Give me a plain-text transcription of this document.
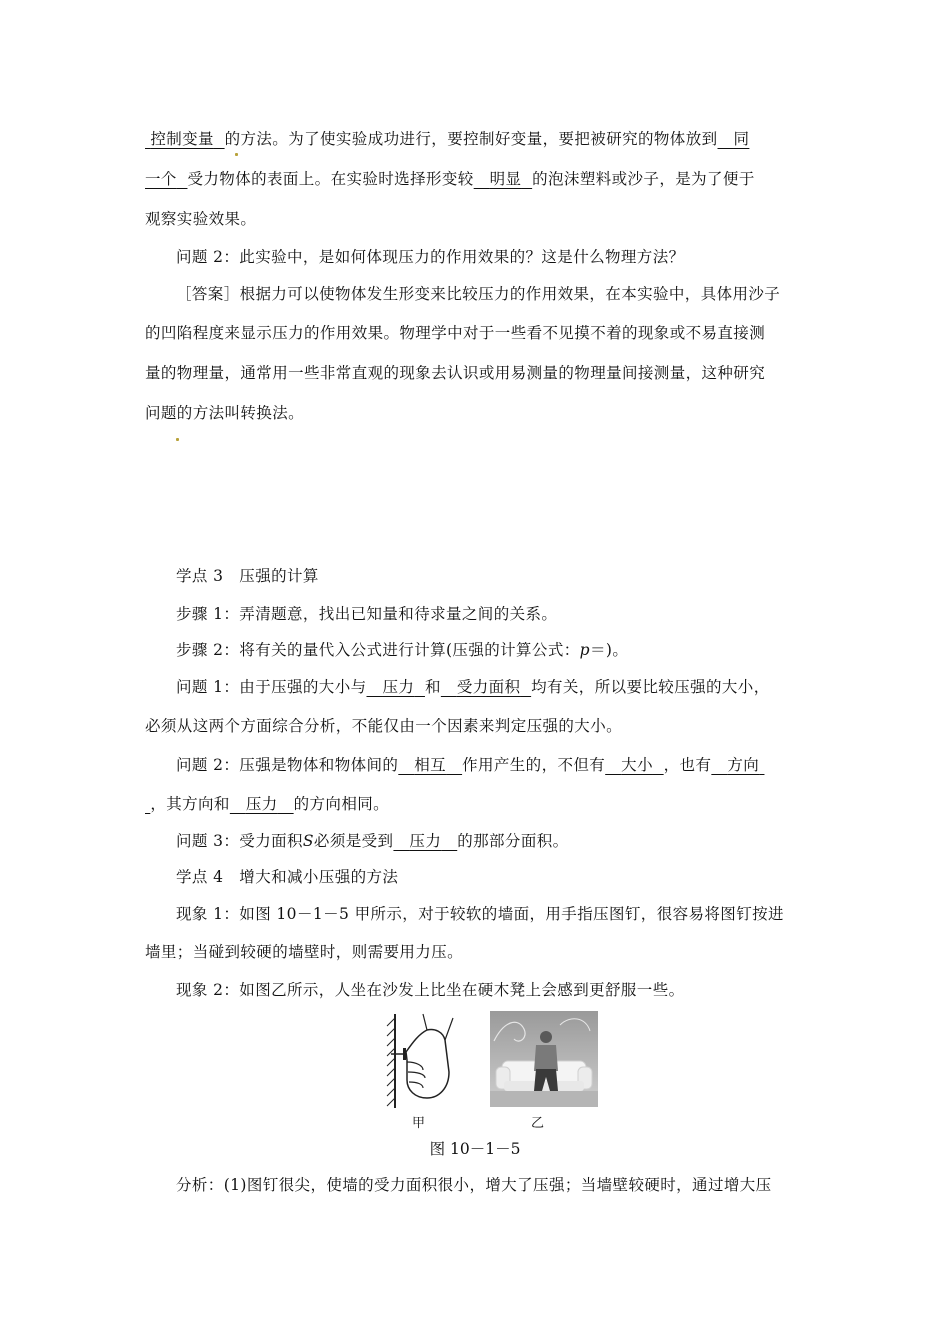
控制变量 的方法。为了使实验成功进行，要控制好变量，要把被研究的物体放到 同
一个 受力物体的表面上。在实验时选择形变较 明显 的泡沫塑料或沙子，是为了便于
观察实验效果。
问题 2：此实验中，是如何体现压力的作用效果的？这是什么物理方法？
［答案］根据力可以使物体发生形变来比较压力的作用效果，在本实验中，具体用沙子
的凹陷程度来显示压力的作用效果。物理学中对于一些看不见摸不着的现象或不易直接测
量的物理量，通常用一些非常直观的现象去认识或用易测量的物理量间接测量，这种研究
问题的方法叫转换法。
学点 3　压强的计算
步骤 1：弄清题意，找出已知量和待求量之间的关系。
步骤 2：将有关的量代入公式进行计算(压强的计算公式：p＝)。
问题 1：由于压强的大小与 压力 和 受力面积 均有关，所以要比较压强的大小，
必须从这两个方面综合分析，不能仅由一个因素来判定压强的大小。
问题 2：压强是物体和物体间的 相互 作用产生的，不但有 大小 ，也有 方向
，其方向和 压力 的方向相同。
问题 3：受力面积S必须是受到 压力 的那部分面积。
学点 4　增大和减小压强的方法
现象 1：如图 10－1－5 甲所示，对于较软的墙面，用手指压图钉，很容易将图钉按进
墙里；当碰到较硬的墙壁时，则需要用力压。
现象 2：如图乙所示，人坐在沙发上比坐在硬木凳上会感到更舒服一些。
甲	乙
图 10－1－5
分析：(1)图钉很尖，使墙的受力面积很小，增大了压强；当墙壁较硬时，通过增大压
